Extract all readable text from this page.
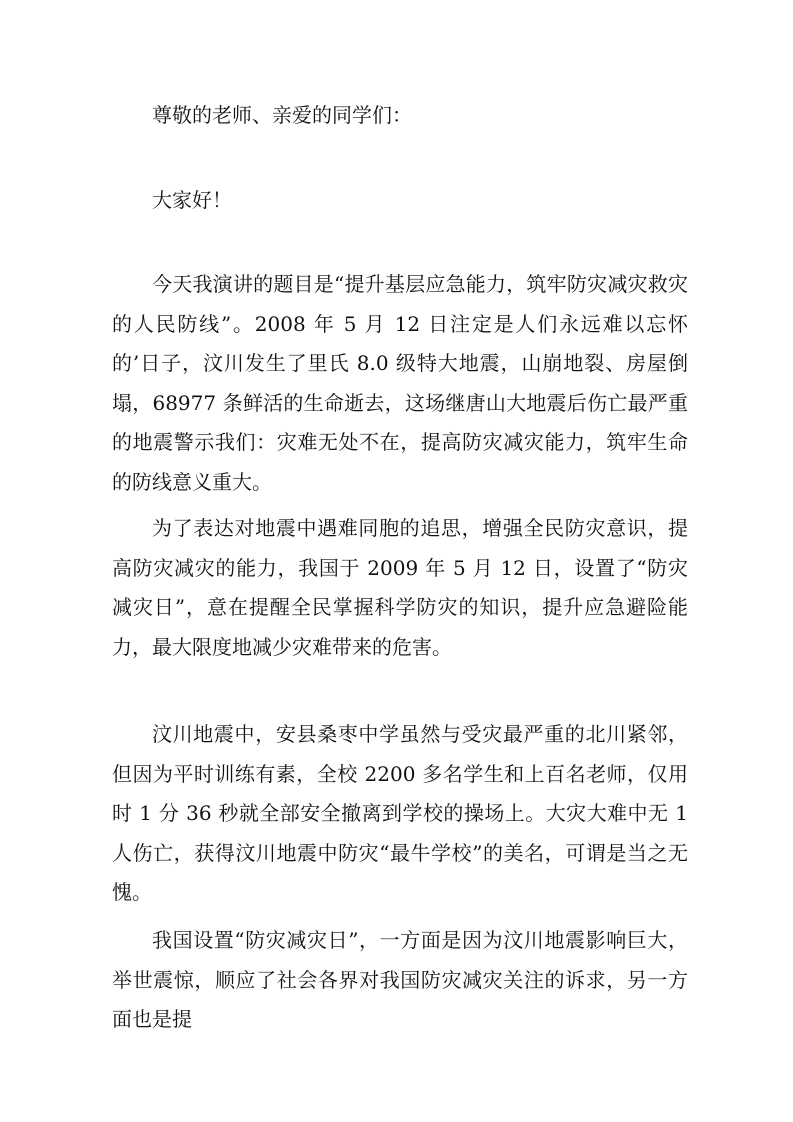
尊敬的老师、亲爱的同学们：

大家好！

今天我演讲的题目是“提升基层应急能力，筑牢防灾减灾救灾的人民防线”。2008 年 5 月 12 日注定是人们永远难以忘怀的’日子，汶川发生了里氏 8.0 级特大地震，山崩地裂、房屋倒塌，68977 条鲜活的生命逝去，这场继唐山大地震后伤亡最严重的地震警示我们：灾难无处不在，提高防灾减灾能力，筑牢生命的防线意义重大。

为了表达对地震中遇难同胞的追思，增强全民防灾意识，提高防灾减灾的能力，我国于 2009 年 5 月 12 日，设置了“防灾减灾日”，意在提醒全民掌握科学防灾的知识，提升应急避险能力，最大限度地减少灾难带来的危害。

汶川地震中，安县桑枣中学虽然与受灾最严重的北川紧邻，但因为平时训练有素，全校 2200 多名学生和上百名老师，仅用时 1 分 36 秒就全部安全撤离到学校的操场上。大灾大难中无 1 人伤亡，获得汶川地震中防灾“最牛学校”的美名，可谓是当之无愧。

我国设置“防灾减灾日”，一方面是因为汶川地震影响巨大，举世震惊，顺应了社会各界对我国防灾减灾关注的诉求，另一方面也是提
